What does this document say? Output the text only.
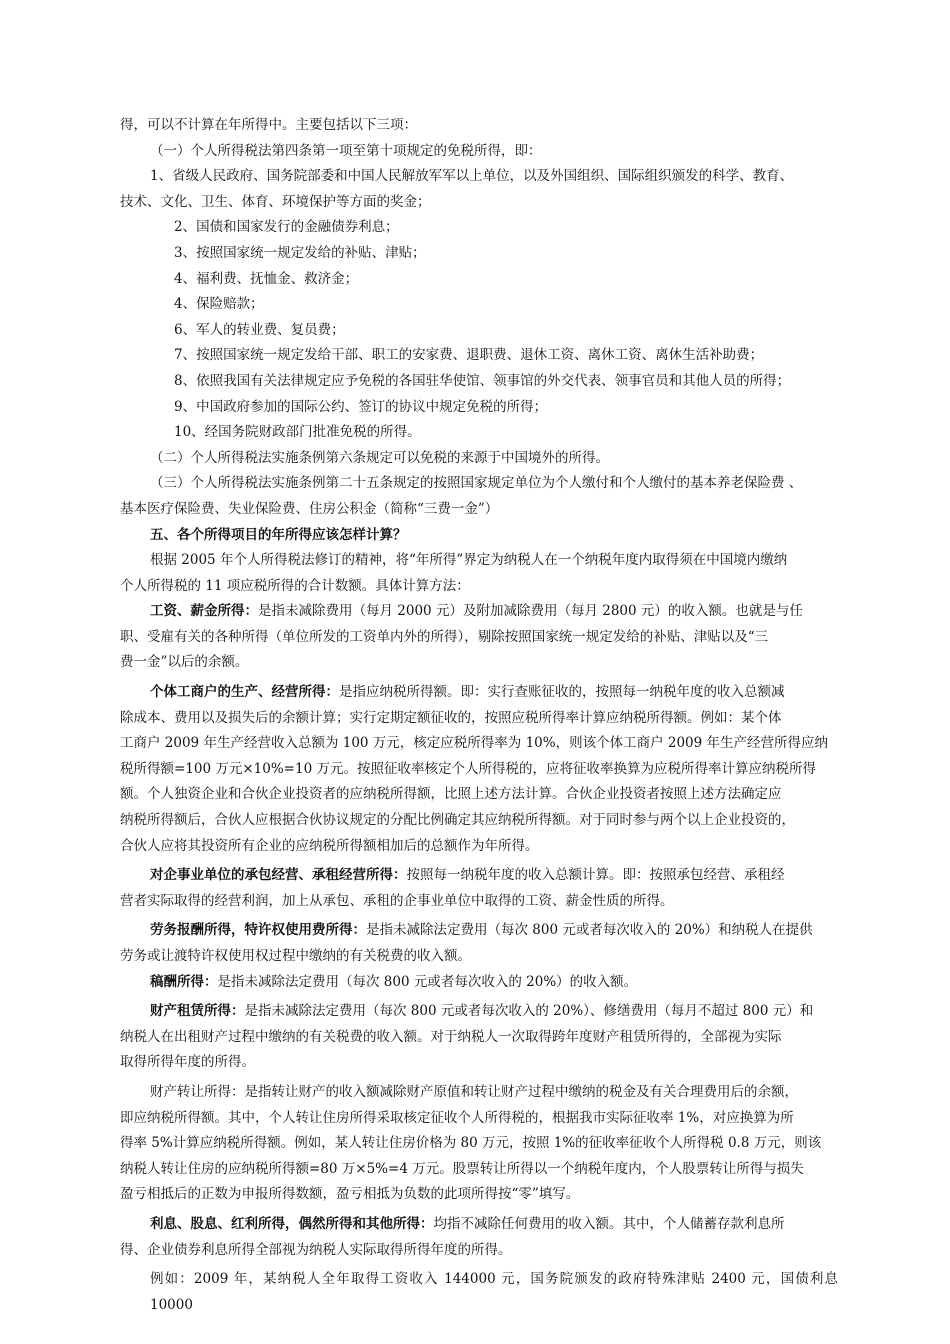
得，可以不计算在年所得中。主要包括以下三项：

（一）个人所得税法第四条第一项至第十项规定的免税所得，即：

1、省级人民政府、国务院部委和中国人民解放军军以上单位，以及外国组织、国际组织颁发的科学、教育、

技术、文化、卫生、体育、环境保护等方面的奖金；

2、国债和国家发行的金融债券利息；

3、按照国家统一规定发给的补贴、津贴；

4、福利费、抚恤金、救济金；

4、保险赔款；

6、军人的转业费、复员费；

7、按照国家统一规定发给干部、职工的安家费、退职费、退休工资、离休工资、离休生活补助费；

8、依照我国有关法律规定应予免税的各国驻华使馆、领事馆的外交代表、领事官员和其他人员的所得；

9、中国政府参加的国际公约、签订的协议中规定免税的所得；

10、经国务院财政部门批准免税的所得。

（二）个人所得税法实施条例第六条规定可以免税的来源于中国境外的所得。

（三）个人所得税法实施条例第二十五条规定的按照国家规定单位为个人缴付和个人缴付的基本养老保险费 、

基本医疗保险费、失业保险费、住房公积金（简称“三费一金”）

五、各个所得项目的年所得应该怎样计算？

根据 2005 年个人所得税法修订的精神，将“年所得”界定为纳税人在一个纳税年度内取得须在中国境内缴纳

个人所得税的 11 项应税所得的合计数额。具体计算方法：

工资、薪金所得：是指未减除费用（每月 2000 元）及附加减除费用（每月 2800 元）的收入额。也就是与任

职、受雇有关的各种所得（单位所发的工资单内外的所得），剔除按照国家统一规定发给的补贴、津贴以及“三

费一金”以后的余额。

个体工商户的生产、经营所得：是指应纳税所得额。即：实行查账征收的，按照每一纳税年度的收入总额减

除成本、费用以及损失后的余额计算；实行定期定额征收的，按照应税所得率计算应纳税所得额。例如：某个体

工商户 2009 年生产经营收入总额为 100 万元，核定应税所得率为 10%，则该个体工商户 2009 年生产经营所得应纳

税所得额=100 万元×10%=10 万元。按照征收率核定个人所得税的，应将征收率换算为应税所得率计算应纳税所得

额。个人独资企业和合伙企业投资者的应纳税所得额，比照上述方法计算。合伙企业投资者按照上述方法确定应

纳税所得额后，合伙人应根据合伙协议规定的分配比例确定其应纳税所得额。对于同时参与两个以上企业投资的，

合伙人应将其投资所有企业的应纳税所得额相加后的总额作为年所得。

对企事业单位的承包经营、承租经营所得：按照每一纳税年度的收入总额计算。即：按照承包经营、承租经

营者实际取得的经营利润，加上从承包、承租的企事业单位中取得的工资、薪金性质的所得。

劳务报酬所得，特许权使用费所得：是指未减除法定费用（每次 800 元或者每次收入的 20%）和纳税人在提供

劳务或让渡特许权使用权过程中缴纳的有关税费的收入额。

稿酬所得：是指未减除法定费用（每次 800 元或者每次收入的 20%）的收入额。

财产租赁所得：是指未减除法定费用（每次 800 元或者每次收入的 20%）、修缮费用（每月不超过 800 元）和

纳税人在出租财产过程中缴纳的有关税费的收入额。对于纳税人一次取得跨年度财产租赁所得的，全部视为实际

取得所得年度的所得。

财产转让所得：是指转让财产的收入额减除财产原值和转让财产过程中缴纳的税金及有关合理费用后的余额，

即应纳税所得额。其中，个人转让住房所得采取核定征收个人所得税的，根据我市实际征收率 1%，对应换算为所

得率 5%计算应纳税所得额。例如，某人转让住房价格为 80 万元，按照 1%的征收率征收个人所得税 0.8 万元，则该

纳税人转让住房的应纳税所得额=80 万×5%=4 万元。股票转让所得以一个纳税年度内，个人股票转让所得与损失

盈亏相抵后的正数为申报所得数额，盈亏相抵为负数的此项所得按“零”填写。

利息、股息、红利所得，偶然所得和其他所得：均指不减除任何费用的收入额。其中，个人储蓄存款利息所

得、企业债券利息所得全部视为纳税人实际取得所得年度的所得。

例如：2009 年，某纳税人全年取得工资收入 144000 元，国务院颁发的政府特殊津贴 2400 元，国债利息 10000
